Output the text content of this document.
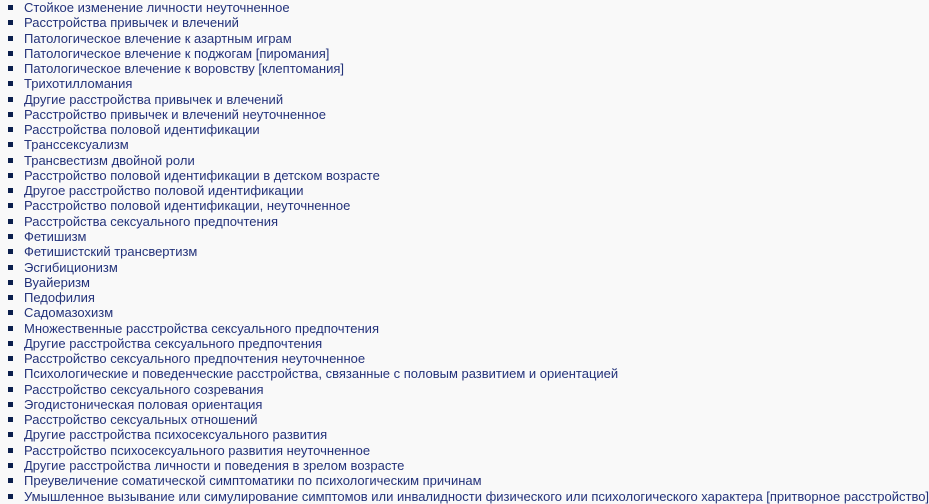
Стойкое изменение личности неуточненное
Расстройства привычек и влечений
Патологическое влечение к азартным играм
Патологическое влечение к поджогам [пиромания]
Патологическое влечение к воровству [клептомания]
Трихотилломания
Другие расстройства привычек и влечений
Расстройство привычек и влечений неуточненное
Расстройства половой идентификации
Транссексуализм
Трансвестизм двойной роли
Расстройство половой идентификации в детском возрасте
Другое расстройство половой идентификации
Расстройство половой идентификации, неуточненное
Расстройства сексуального предпочтения
Фетишизм
Фетишистский трансвертизм
Эсгибиционизм
Вуайеризм
Педофилия
Садомазохизм
Множественные расстройства сексуального предпочтения
Другие расстройства сексуального предпочтения
Расстройство сексуального предпочтения неуточненное
Психологические и поведенческие расстройства, связанные с половым развитием и ориентацией
Расстройство сексуального созревания
Эгодистоническая половая ориентация
Расстройство сексуальных отношений
Другие расстройства психосексуального развития
Расстройство психосексуального развития неуточненное
Другие расстройства личности и поведения в зрелом возрасте
Преувеличение соматической симптоматики по психологическим причинам
Умышленное вызывание или симулирование симптомов или инвалидности физического или психологического характера [притворное расстройство]
